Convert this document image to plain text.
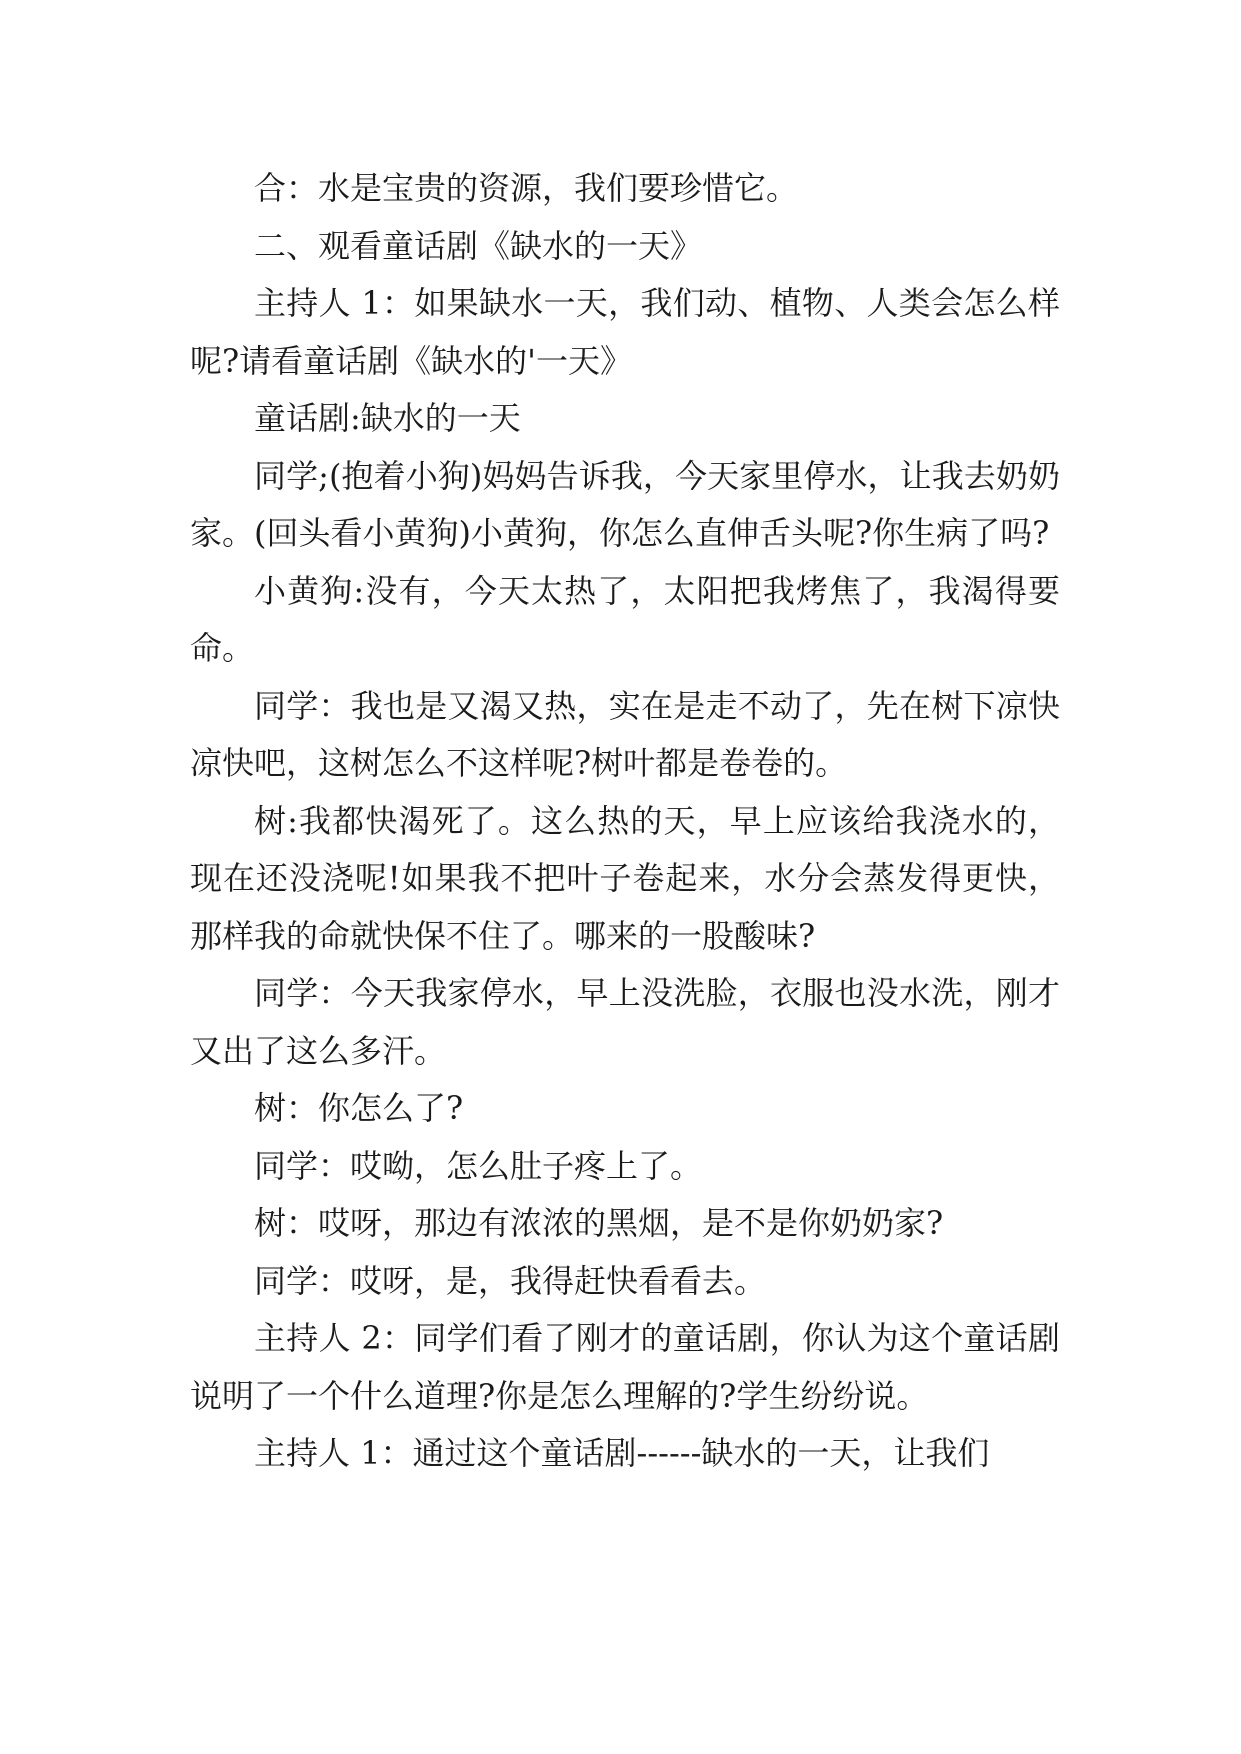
合：水是宝贵的资源，我们要珍惜它。

二、观看童话剧《缺水的一天》

主持人 1：如果缺水一天，我们动、植物、人类会怎么样呢?请看童话剧《缺水的'一天》

童话剧:缺水的一天

同学;(抱着小狗)妈妈告诉我，今天家里停水，让我去奶奶家。(回头看小黄狗)小黄狗，你怎么直伸舌头呢?你生病了吗?

小黄狗:没有，今天太热了，太阳把我烤焦了，我渴得要命。

同学：我也是又渴又热，实在是走不动了，先在树下凉快凉快吧，这树怎么不这样呢?树叶都是卷卷的。

树:我都快渴死了。这么热的天，早上应该给我浇水的，现在还没浇呢!如果我不把叶子卷起来，水分会蒸发得更快，那样我的命就快保不住了。哪来的一股酸味?

同学：今天我家停水，早上没洗脸，衣服也没水洗，刚才又出了这么多汗。

树：你怎么了?

同学：哎呦，怎么肚子疼上了。

树：哎呀，那边有浓浓的黑烟，是不是你奶奶家?

同学：哎呀，是，我得赶快看看去。

主持人 2：同学们看了刚才的童话剧，你认为这个童话剧说明了一个什么道理?你是怎么理解的?学生纷纷说。

主持人 1：通过这个童话剧------缺水的一天，让我们
